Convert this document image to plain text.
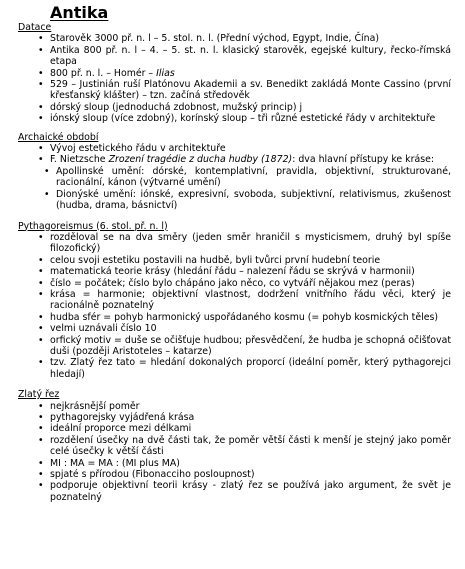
Antika
Datace
• Starověk 3000 př. n. l – 5. stol. n. l. (Přední východ, Egypt, Indie, Čína)
• Antika 800 př. n. l – 4. – 5. st. n. l. klasický starověk, egejské kultury, řecko-římská etapa
• 800 př. n. l. – Homér – Ilias
• 529 – Justinián ruší Platónovu Akademii a sv. Benedikt zakládá Monte Cassino (první křesťanský klášter) – tzn. začíná středověk
• dórský sloup (jednoduchá zdobnost, mužský princip) j
• iónský sloup (více zdobný), korínský sloup – tři různé estetické řády v architektuře
Archaické období
• Vývoj estetického řádu v architektuře
• F. Nietzsche Zrození tragédie z ducha hudby (1872): dva hlavní přístupy ke kráse:
• Apollinské umění: dórské, kontemplativní, pravidla, objektivní, strukturované, racionální, kánon (výtvarné umění)
• Dionýské umění: iónské, expresivní, svoboda, subjektivní, relativismus, zkušenost (hudba, drama, básnictví)
Pythagoreismus (6. stol. př. n. l)
• rozděloval se na dva směry (jeden směr hraničil s mysticismem, druhý byl spíše filozofický)
• celou svoji estetiku postavili na hudbě, byli tvůrci první hudební teorie
• matematická teorie krásy (hledání řádu – nalezení řádu se skrývá v harmonii)
• číslo = počátek; číslo bylo chápáno jako něco, co vytváří nějakou mez (peras)
• krása = harmonie; objektivní vlastnost, dodržení vnitřního řádu věci, který je racionálně poznatelný
• hudba sfér = pohyb harmonický uspořádaného kosmu (= pohyb kosmických těles)
• velmi uznávali číslo 10
• orfický motiv = duše se očišťuje hudbou; přesvědčení, že hudba je schopná očišťovat duši (později Aristoteles – katarze)
• tzv. Zlatý řez tato = hledání dokonalých proporcí (ideální poměr, který pythagorejci hledají)
Zlatý řez
• nejkrásnější poměr
• pythagorejsky vyjádřená krása
• ideální proporce mezi délkami
• rozdělení úsečky na dvě části tak, že poměr větší části k menší je stejný jako poměr celé úsečky k větší části
• MI : MA = MA : (MI plus MA)
• spjaté s přírodou (Fibonacciho posloupnost)
• podporuje objektivní teorii krásy - zlatý řez se používá jako argument, že svět je poznatelný
